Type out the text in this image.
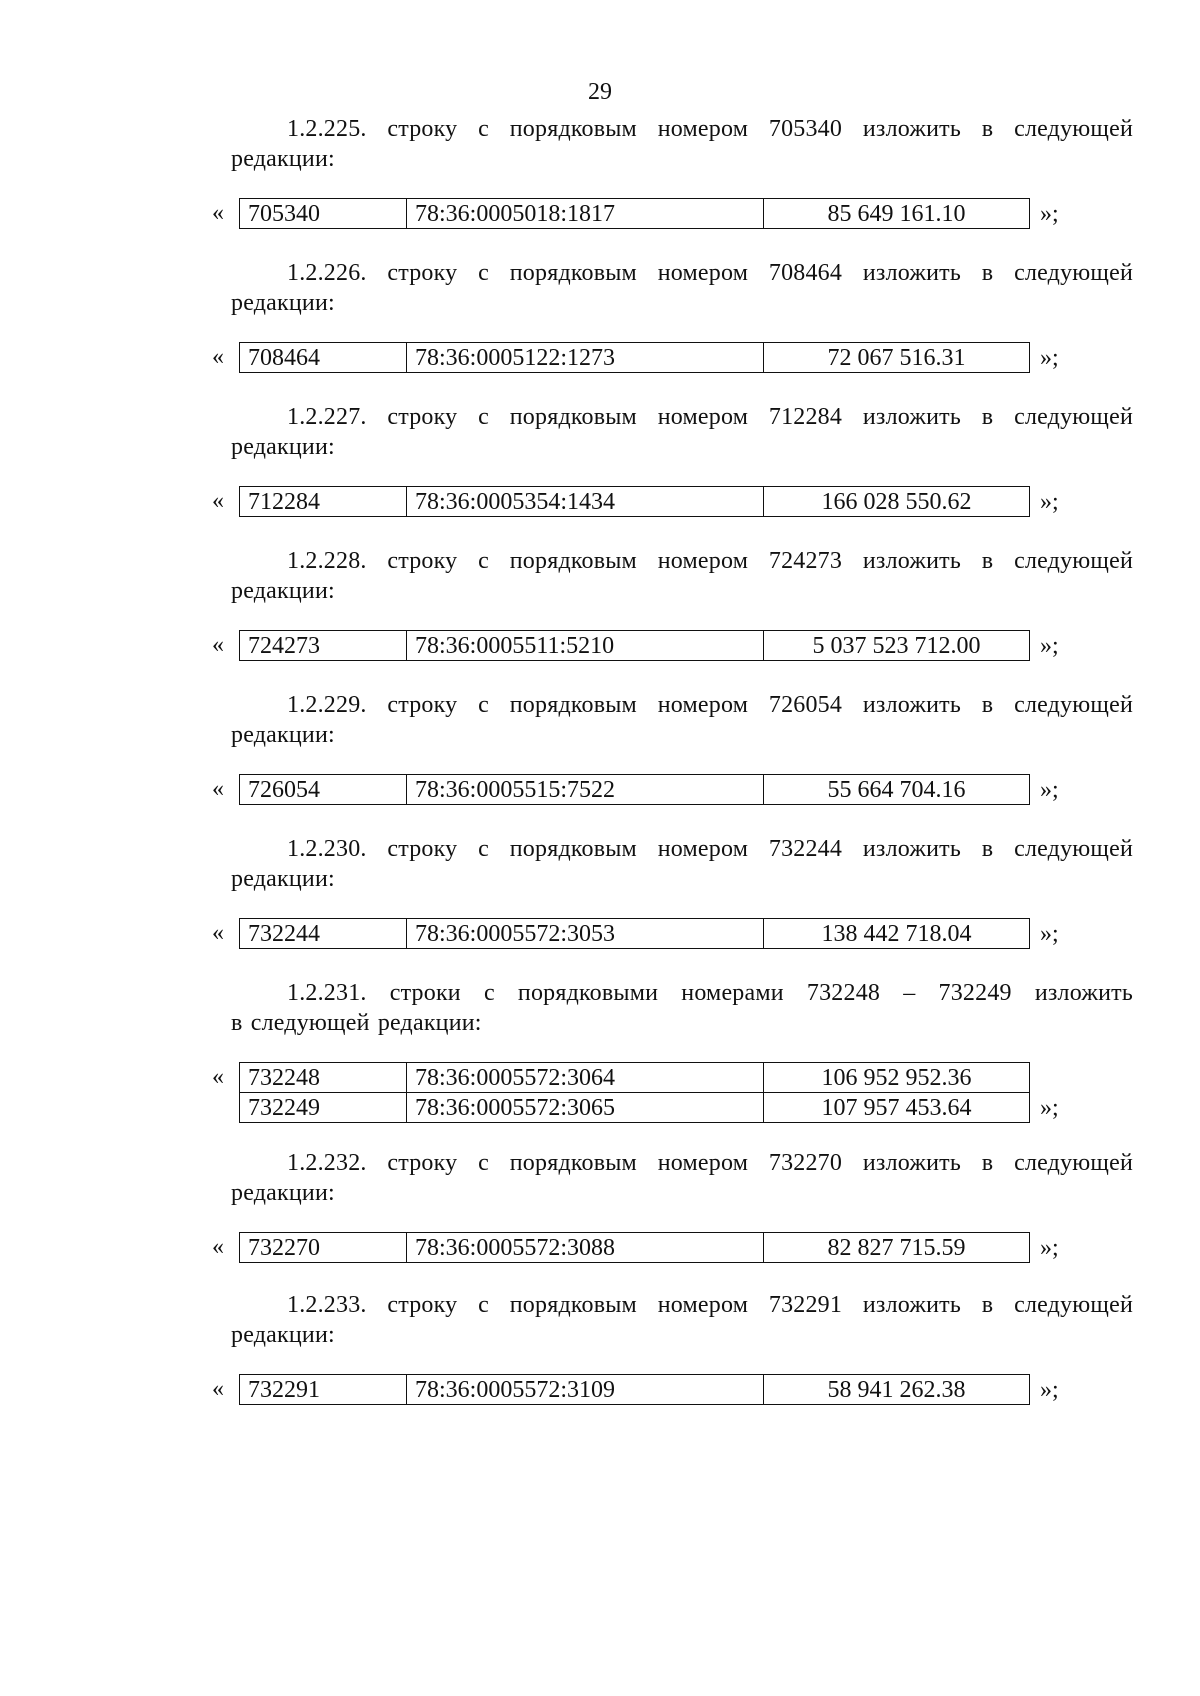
29
1.2.225. строку с порядковым номером 705340 изложить в следующей
редакции:
« 705340	78:36:0005018:1817	85 649 161.10	»;
1.2.226. строку с порядковым номером 708464 изложить в следующей
редакции:
« 708464	78:36:0005122:1273	72 067 516.31	»;
1.2.227. строку с порядковым номером 712284 изложить в следующей
редакции:
« 712284	78:36:0005354:1434	166 028 550.62	»;
1.2.228. строку с порядковым номером 724273 изложить в следующей
редакции:
« 724273	78:36:0005511:5210	5 037 523 712.00 »;
1.2.229. строку с порядковым номером 726054 изложить в следующей
редакции:
« 726054	78:36:0005515:7522	55 664 704.16	»;
1.2.230. строку с порядковым номером 732244 изложить в следующей
редакции:
« 732244	78:36:0005572:3053	138 442 718.04	»;
1.2.231. строки с порядковыми номерами 732248 – 732249 изложить
в следующей редакции:
« 732248	78:36:0005572:3064	106 952 952.36
732249	78:36:0005572:3065	107 957 453.64	»;
1.2.232. строку с порядковым номером 732270 изложить в следующей
редакции:
« 732270	78:36:0005572:3088	82 827 715.59	»;
1.2.233. строку с порядковым номером 732291 изложить в следующей
редакции:
« 732291	78:36:0005572:3109	58 941 262.38	»;
